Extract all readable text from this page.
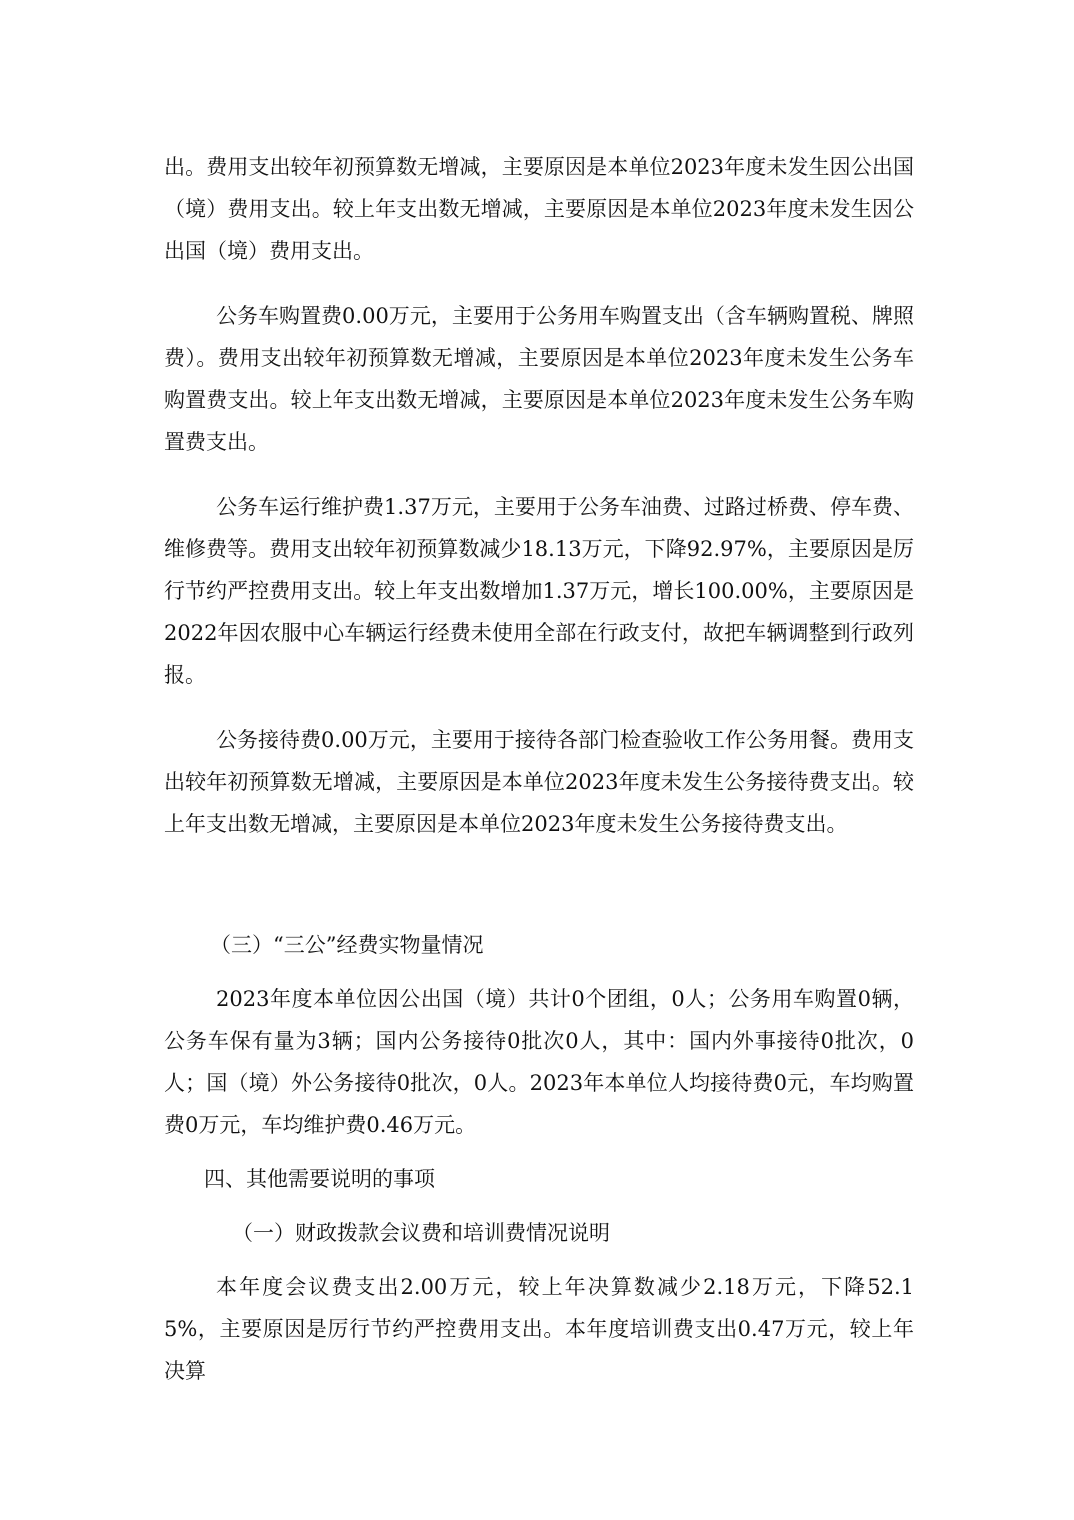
出。费用支出较年初预算数无增减，主要原因是本单位2023年度未发生因公出国（境）费用支出。较上年支出数无增减，主要原因是本单位2023年度未发生因公出国（境）费用支出。

公务车购置费0.00万元，主要用于公务用车购置支出（含车辆购置税、牌照费）。费用支出较年初预算数无增减，主要原因是本单位2023年度未发生公务车购置费支出。较上年支出数无增减，主要原因是本单位2023年度未发生公务车购置费支出。

公务车运行维护费1.37万元，主要用于公务车油费、过路过桥费、停车费、维修费等。费用支出较年初预算数减少18.13万元，下降92.97%，主要原因是厉行节约严控费用支出。较上年支出数增加1.37万元，增长100.00%，主要原因是2022年因农服中心车辆运行经费未使用全部在行政支付，故把车辆调整到行政列报。

公务接待费0.00万元，主要用于接待各部门检查验收工作公务用餐。费用支出较年初预算数无增减，主要原因是本单位2023年度未发生公务接待费支出。较上年支出数无增减，主要原因是本单位2023年度未发生公务接待费支出。

（三）“三公”经费实物量情况

2023年度本单位因公出国（境）共计0个团组，0人；公务用车购置0辆，公务车保有量为3辆；国内公务接待0批次0人，其中：国内外事接待0批次，0人；国（境）外公务接待0批次，0人。2023年本单位人均接待费0元，车均购置费0万元，车均维护费0.46万元。

四、其他需要说明的事项

（一）财政拨款会议费和培训费情况说明

本年度会议费支出2.00万元，较上年决算数减少2.18万元，下降52.15%，主要原因是厉行节约严控费用支出。本年度培训费支出0.47万元，较上年决算
